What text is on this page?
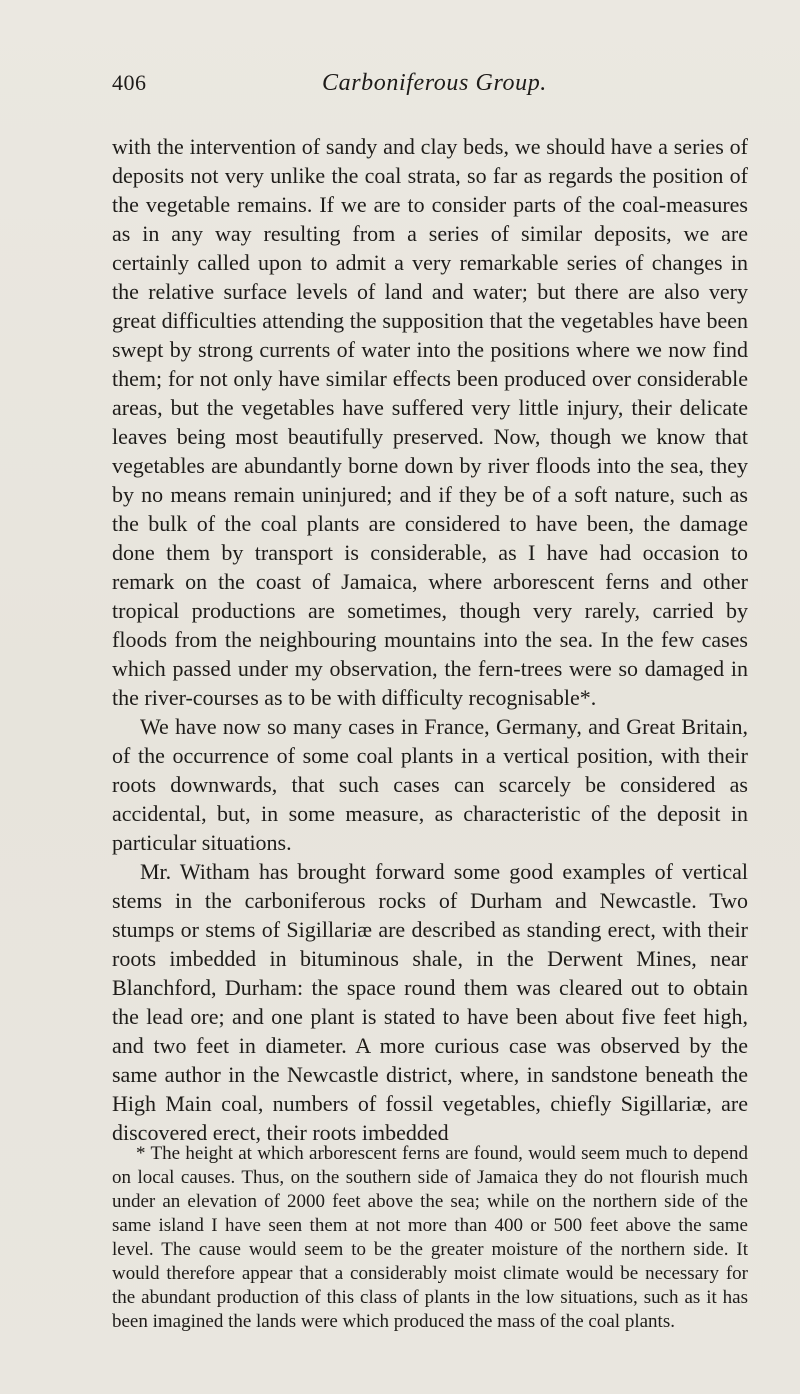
406	Carboniferous Group.

with the intervention of sandy and clay beds, we should have a series of deposits not very unlike the coal strata, so far as regards the position of the vegetable remains. If we are to consider parts of the coal-measures as in any way resulting from a series of similar deposits, we are certainly called upon to admit a very remarkable series of changes in the relative surface levels of land and water; but there are also very great difficulties attending the supposition that the vegetables have been swept by strong currents of water into the positions where we now find them; for not only have similar effects been produced over considerable areas, but the vegetables have suffered very little injury, their delicate leaves being most beautifully preserved. Now, though we know that vegetables are abundantly borne down by river floods into the sea, they by no means remain uninjured; and if they be of a soft nature, such as the bulk of the coal plants are considered to have been, the damage done them by transport is considerable, as I have had occasion to remark on the coast of Jamaica, where arborescent ferns and other tropical productions are sometimes, though very rarely, carried by floods from the neighbouring mountains into the sea. In the few cases which passed under my observation, the fern-trees were so damaged in the river-courses as to be with difficulty recognisable*.

We have now so many cases in France, Germany, and Great Britain, of the occurrence of some coal plants in a vertical position, with their roots downwards, that such cases can scarcely be considered as accidental, but, in some measure, as characteristic of the deposit in particular situations.

Mr. Witham has brought forward some good examples of vertical stems in the carboniferous rocks of Durham and Newcastle. Two stumps or stems of Sigillariæ are described as standing erect, with their roots imbedded in bituminous shale, in the Derwent Mines, near Blanchford, Durham: the space round them was cleared out to obtain the lead ore; and one plant is stated to have been about five feet high, and two feet in diameter. A more curious case was observed by the same author in the Newcastle district, where, in sandstone beneath the High Main coal, numbers of fossil vegetables, chiefly Sigillariæ, are discovered erect, their roots imbedded

* The height at which arborescent ferns are found, would seem much to depend on local causes. Thus, on the southern side of Jamaica they do not flourish much under an elevation of 2000 feet above the sea; while on the northern side of the same island I have seen them at not more than 400 or 500 feet above the same level. The cause would seem to be the greater moisture of the northern side. It would therefore appear that a considerably moist climate would be necessary for the abundant production of this class of plants in the low situations, such as it has been imagined the lands were which produced the mass of the coal plants.
